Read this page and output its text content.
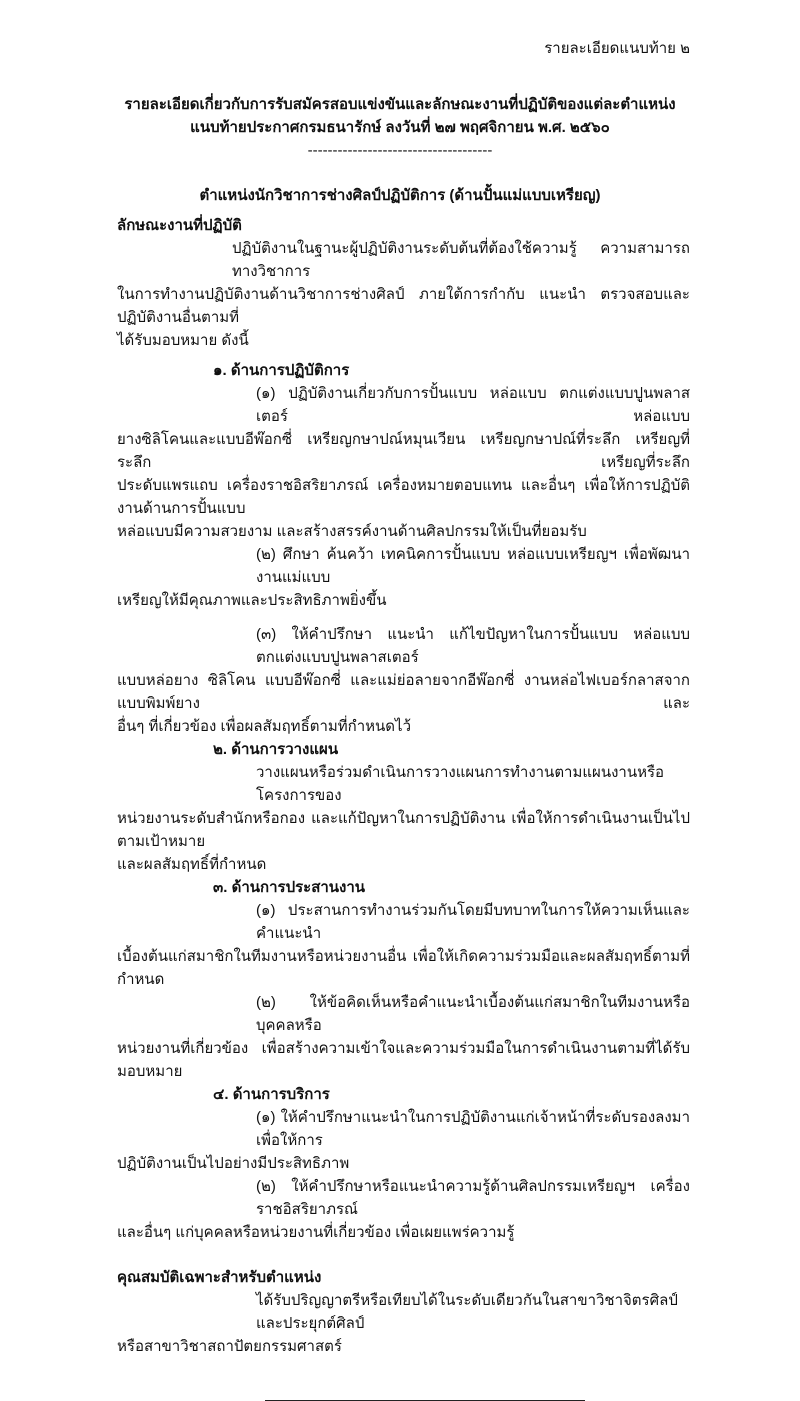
รายละเอียดแนบท้าย ๒
รายละเอียดเกี่ยวกับการรับสมัครสอบแข่งขันและลักษณะงานที่ปฏิบัติของแต่ละตำแหน่ง
แนบท้ายประกาศกรมธนารักษ์ ลงวันที่ ๒๗ พฤศจิกายน พ.ศ. ๒๕๖๐
-------------------------------------
ตำแหน่งนักวิชาการช่างศิลป์ปฏิบัติการ (ด้านปั้นแม่แบบเหรียญ)
ลักษณะงานที่ปฏิบัติ
ปฏิบัติงานในฐานะผู้ปฏิบัติงานระดับต้นที่ต้องใช้ความรู้ ความสามารถทางวิชาการ
ในการทำงานปฏิบัติงานด้านวิชาการช่างศิลป์ ภายใต้การกำกับ แนะนำ ตรวจสอบและปฏิบัติงานอื่นตามที่
ได้รับมอบหมาย ดังนี้
๑. ด้านการปฏิบัติการ
(๑) ปฏิบัติงานเกี่ยวกับการปั้นแบบ หล่อแบบ ตกแต่งแบบปูนพลาสเตอร์ หล่อแบบ
ยางซิลิโคนและแบบอีพ๊อกซี่ เหรียญกษาปณ์หมุนเวียน เหรียญกษาปณ์ที่ระลึก เหรียญที่ระลึก เหรียญที่ระลึก
ประดับแพรแถบ เครื่องราชอิสริยาภรณ์ เครื่องหมายตอบแทน และอื่นๆ เพื่อให้การปฏิบัติงานด้านการปั้นแบบ
หล่อแบบมีความสวยงาม และสร้างสรรค์งานด้านศิลปกรรมให้เป็นที่ยอมรับ
(๒) ศึกษา ค้นคว้า เทคนิคการปั้นแบบ หล่อแบบเหรียญฯ เพื่อพัฒนางานแม่แบบ
เหรียญให้มีคุณภาพและประสิทธิภาพยิ่งขึ้น
(๓) ให้คำปรึกษา แนะนำ แก้ไขปัญหาในการปั้นแบบ หล่อแบบ ตกแต่งแบบปูนพลาสเตอร์
แบบหล่อยาง ซิลิโคน แบบอีพ๊อกซี่ และแม่ย่อลายจากอีพ๊อกซี่ งานหล่อไฟเบอร์กลาสจากแบบพิมพ์ยาง และ
อื่นๆ ที่เกี่ยวข้อง เพื่อผลสัมฤทธิ์ตามที่กำหนดไว้
๒. ด้านการวางแผน
วางแผนหรือร่วมดำเนินการวางแผนการทำงานตามแผนงานหรือโครงการของ
หน่วยงานระดับสำนักหรือกอง และแก้ปัญหาในการปฏิบัติงาน เพื่อให้การดำเนินงานเป็นไปตามเป้าหมาย
และผลสัมฤทธิ์ที่กำหนด
๓. ด้านการประสานงาน
(๑) ประสานการทำงานร่วมกันโดยมีบทบาทในการให้ความเห็นและคำแนะนำ
เบื้องต้นแก่สมาชิกในทีมงานหรือหน่วยงานอื่น เพื่อให้เกิดความร่วมมือและผลสัมฤทธิ์ตามที่กำหนด
(๒) ให้ข้อคิดเห็นหรือคำแนะนำเบื้องต้นแก่สมาชิกในทีมงานหรือบุคคลหรือ
หน่วยงานที่เกี่ยวข้อง เพื่อสร้างความเข้าใจและความร่วมมือในการดำเนินงานตามที่ได้รับมอบหมาย
๔. ด้านการบริการ
(๑) ให้คำปรึกษาแนะนำในการปฏิบัติงานแก่เจ้าหน้าที่ระดับรองลงมา เพื่อให้การ
ปฏิบัติงานเป็นไปอย่างมีประสิทธิภาพ
(๒) ให้คำปรึกษาหรือแนะนำความรู้ด้านศิลปกรรมเหรียญฯ เครื่องราชอิสริยาภรณ์
และอื่นๆ แก่บุคคลหรือหน่วยงานที่เกี่ยวข้อง เพื่อเผยแพร่ความรู้
คุณสมบัติเฉพาะสำหรับตำแหน่ง
ได้รับปริญญาตรีหรือเทียบได้ในระดับเดียวกันในสาขาวิชาจิตรศิลป์และประยุกต์ศิลป์
หรือสาขาวิชาสถาปัตยกรรมศาสตร์
